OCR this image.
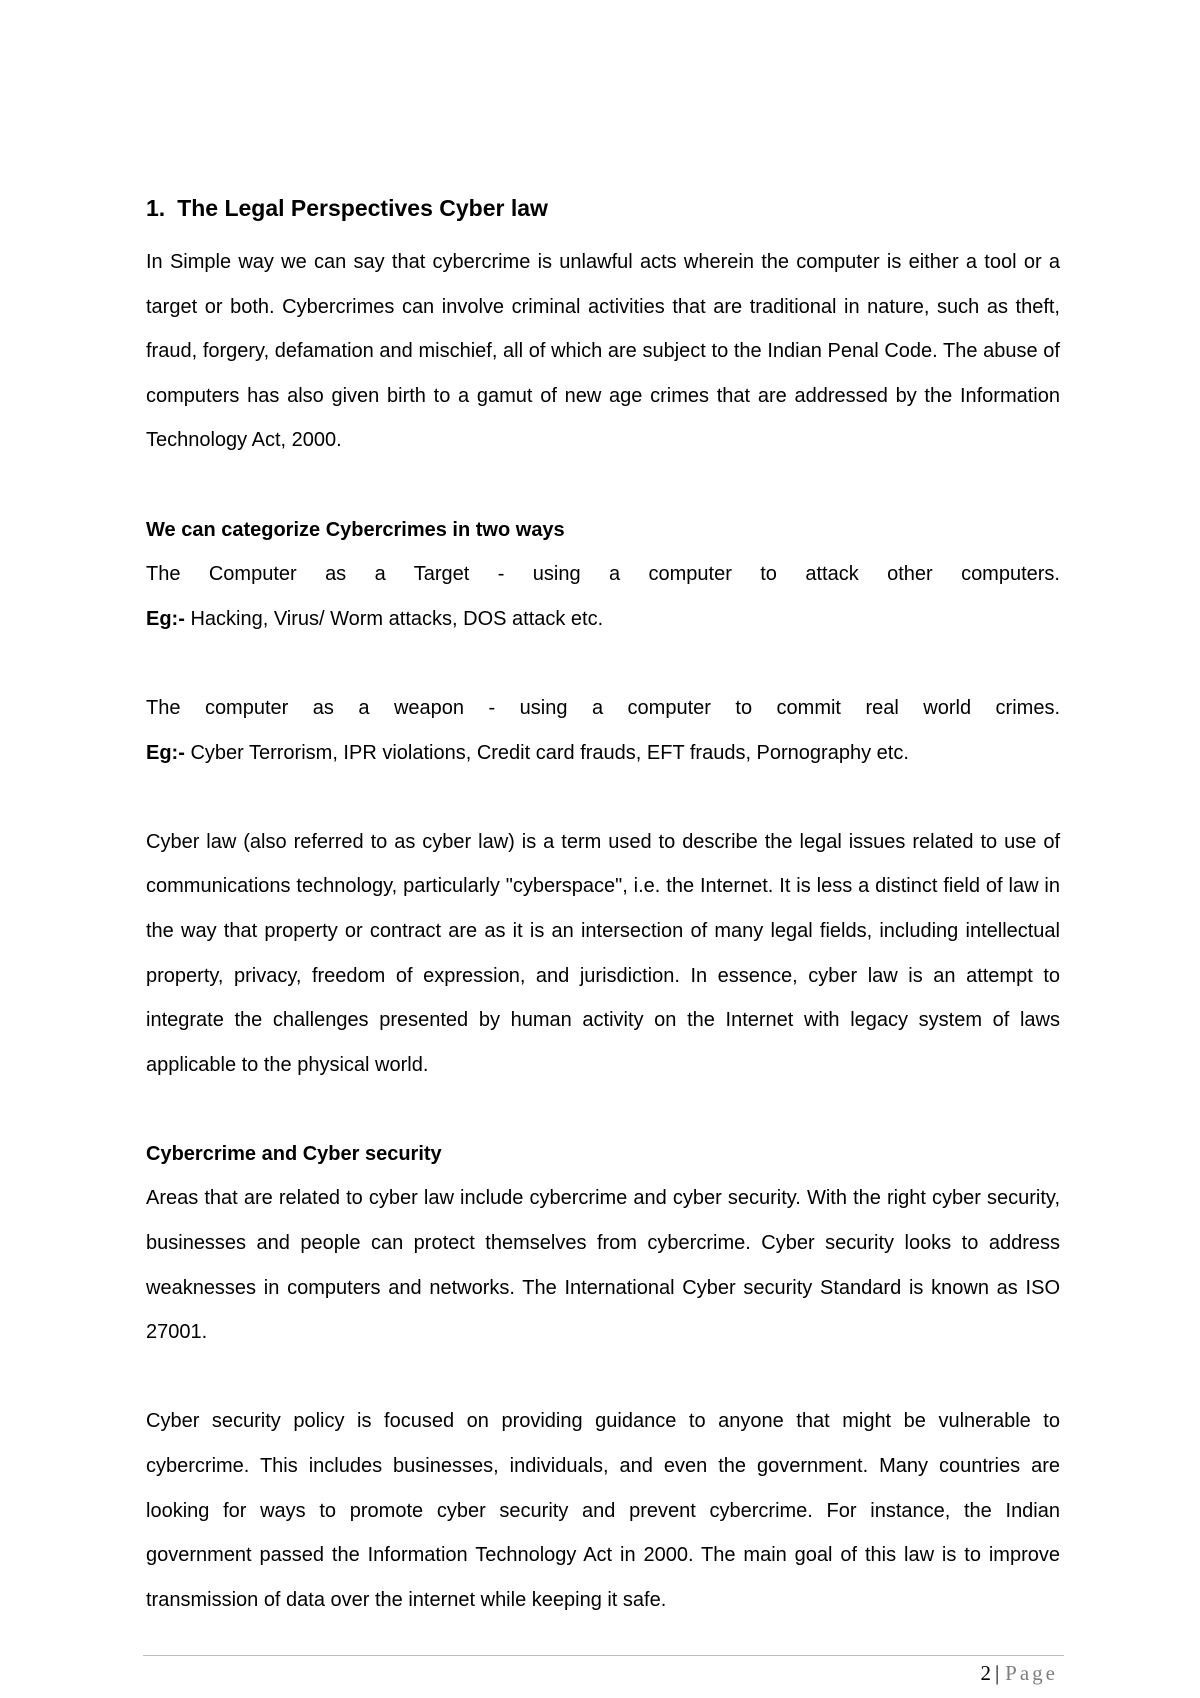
1. The Legal Perspectives Cyber law

In Simple way we can say that cybercrime is unlawful acts wherein the computer is either a tool or a target or both. Cybercrimes can involve criminal activities that are traditional in nature, such as theft, fraud, forgery, defamation and mischief, all of which are subject to the Indian Penal Code. The abuse of computers has also given birth to a gamut of new age crimes that are addressed by the Information Technology Act, 2000.

We can categorize Cybercrimes in two ways

The Computer as a Target - using a computer to attack other computers.

Eg:- Hacking, Virus/ Worm attacks, DOS attack etc.

The computer as a weapon - using a computer to commit real world crimes.

Eg:- Cyber Terrorism, IPR violations, Credit card frauds, EFT frauds, Pornography etc.

Cyber law (also referred to as cyber law) is a term used to describe the legal issues related to use of communications technology, particularly "cyberspace", i.e. the Internet. It is less a distinct field of law in the way that property or contract are as it is an intersection of many legal fields, including intellectual property, privacy, freedom of expression, and jurisdiction. In essence, cyber law is an attempt to integrate the challenges presented by human activity on the Internet with legacy system of laws applicable to the physical world.

Cybercrime and Cyber security

Areas that are related to cyber law include cybercrime and cyber security. With the right cyber security, businesses and people can protect themselves from cybercrime. Cyber security looks to address weaknesses in computers and networks. The International Cyber security Standard is known as ISO 27001.

Cyber security policy is focused on providing guidance to anyone that might be vulnerable to cybercrime. This includes businesses, individuals, and even the government. Many countries are looking for ways to promote cyber security and prevent cybercrime. For instance, the Indian government passed the Information Technology Act in 2000. The main goal of this law is to improve transmission of data over the internet while keeping it safe.

2 | Page
